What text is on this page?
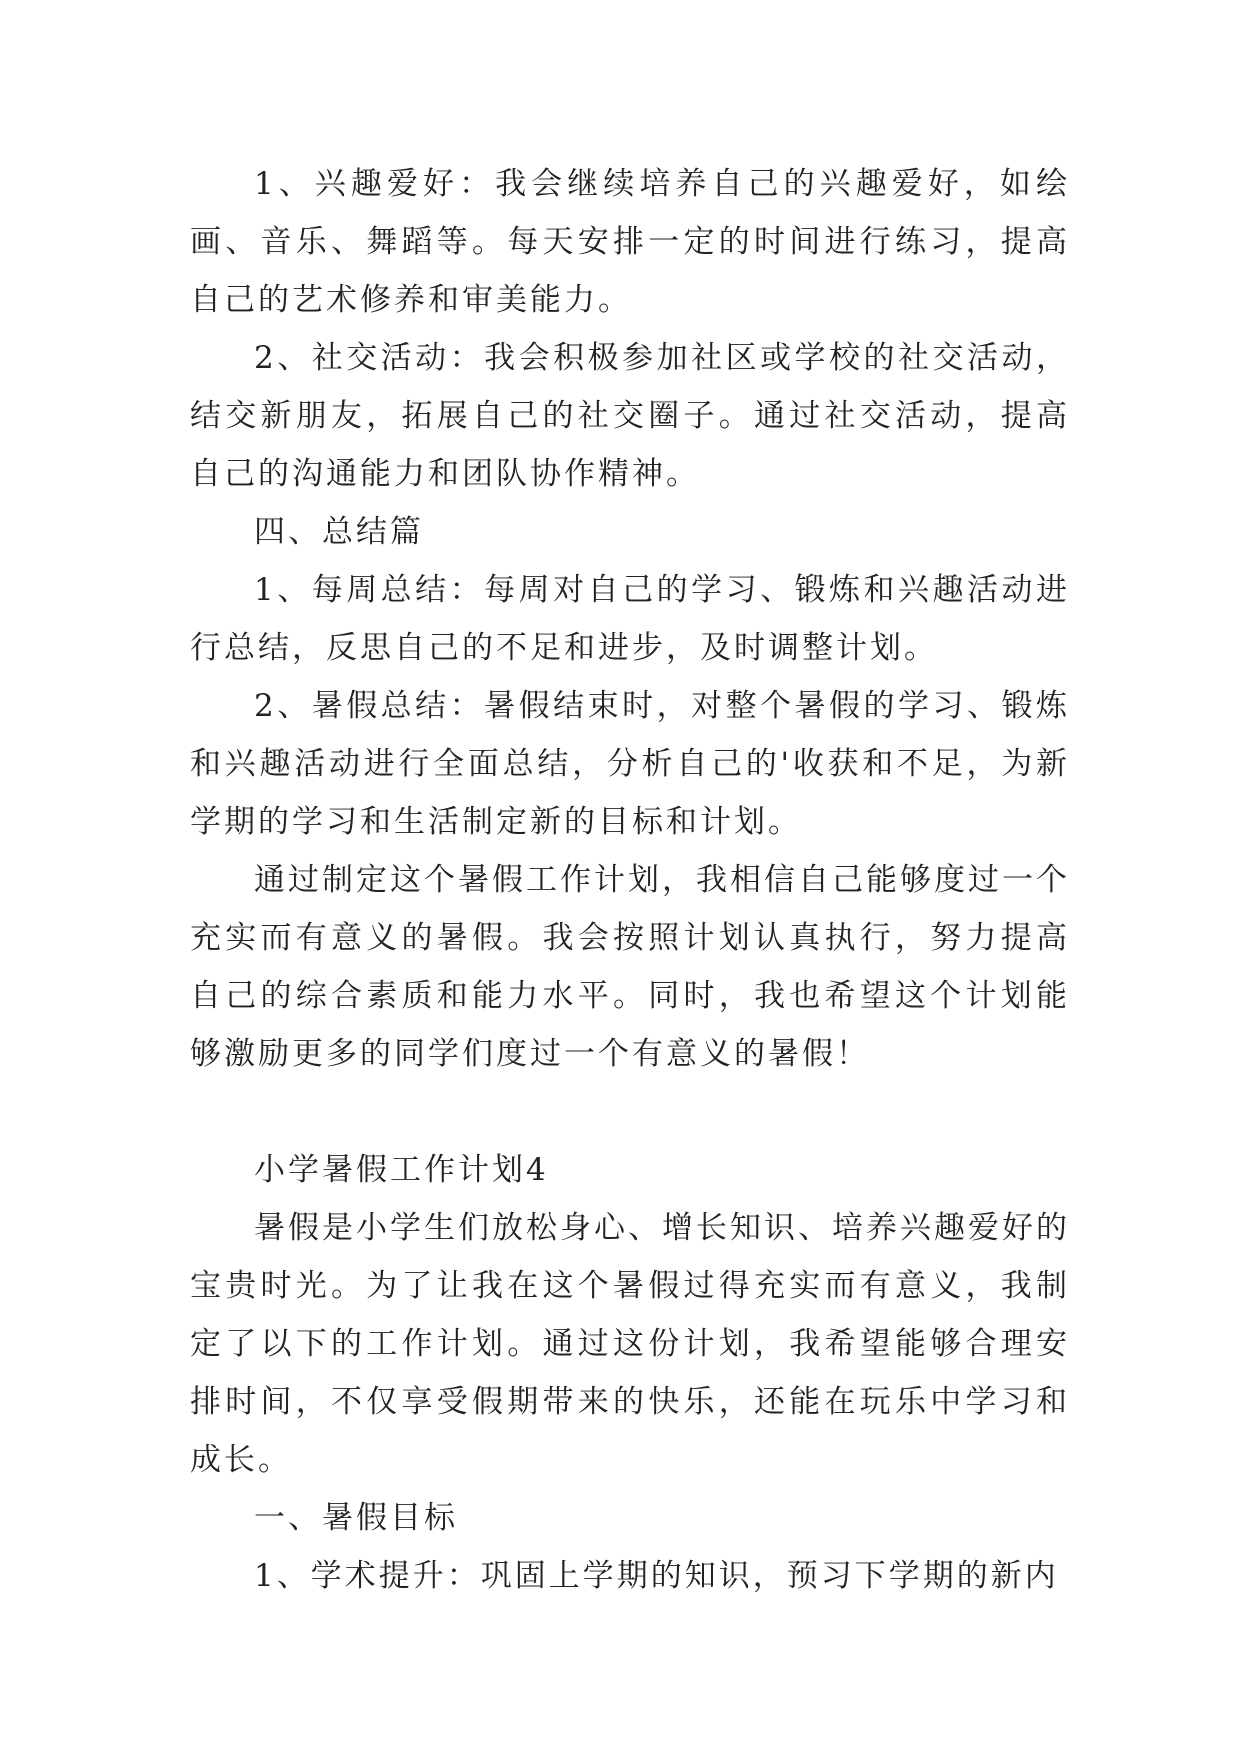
1、兴趣爱好：我会继续培养自己的兴趣爱好，如绘画、音乐、舞蹈等。每天安排一定的时间进行练习，提高自己的艺术修养和审美能力。

2、社交活动：我会积极参加社区或学校的社交活动，结交新朋友，拓展自己的社交圈子。通过社交活动，提高自己的沟通能力和团队协作精神。

四、总结篇

1、每周总结：每周对自己的学习、锻炼和兴趣活动进行总结，反思自己的不足和进步，及时调整计划。

2、暑假总结：暑假结束时，对整个暑假的学习、锻炼和兴趣活动进行全面总结，分析自己的'收获和不足，为新学期的学习和生活制定新的目标和计划。

通过制定这个暑假工作计划，我相信自己能够度过一个充实而有意义的暑假。我会按照计划认真执行，努力提高自己的综合素质和能力水平。同时，我也希望这个计划能够激励更多的同学们度过一个有意义的暑假！

小学暑假工作计划4

暑假是小学生们放松身心、增长知识、培养兴趣爱好的宝贵时光。为了让我在这个暑假过得充实而有意义，我制定了以下的工作计划。通过这份计划，我希望能够合理安排时间，不仅享受假期带来的快乐，还能在玩乐中学习和成长。

一、暑假目标

1、学术提升：巩固上学期的知识，预习下学期的新内
